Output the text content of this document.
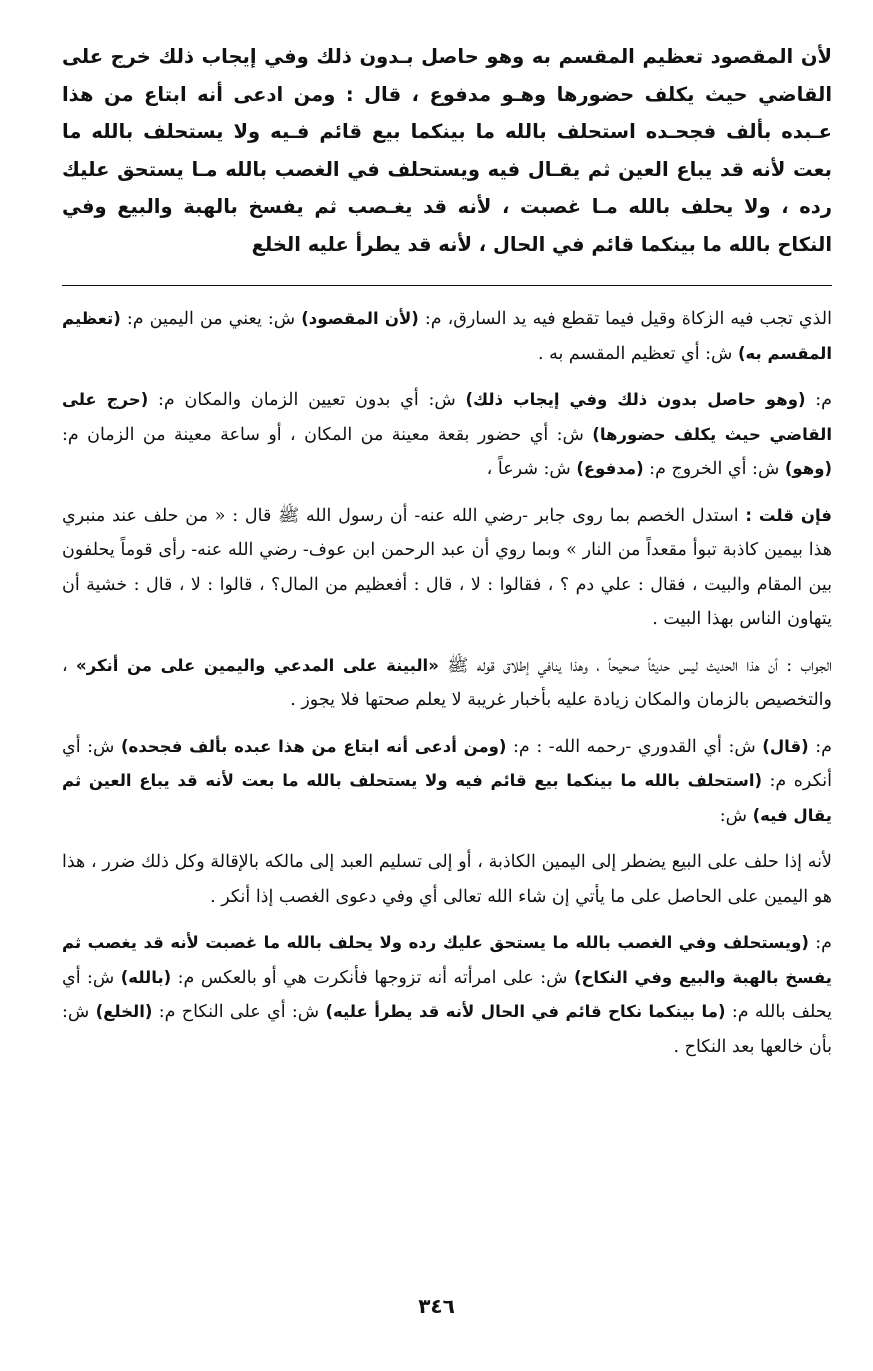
لأن المقصود تعظيم المقسم به وهو حاصل بـدون ذلك وفي إيجاب ذلك خرج على القاضي حيث يكلف حضورها وهـو مدفوع ، قال : ومن ادعى أنه ابتاع من هذا عـبده بألف فجحـده استحلف بالله ما بينكما بيع قائم فـيه ولا يستحلف بالله ما بعت لأنه قد يباع العين ثم يقـال فيه ويستحلف في الغصب بالله مـا يستحق عليك رده ، ولا يحلف بالله مـا غصبت ، لأنه قد يغـصب ثم يفسخ بالهبة والبيع وفي النكاح بالله ما بينكما قائم في الحال ، لأنه قد يطرأ عليه الخلع

الذي تجب فيه الزكاة وقيل فيما تقطع فيه يد السارق، م: (لأن المقصود) ش: يعني من اليمين م: (تعظيم المقسم به) ش: أي تعظيم المقسم به .

م: (وهو حاصل بدون ذلك وفي إيجاب ذلك) ش: أي بدون تعيين الزمان والمكان م: (حرج على القاضي حيث يكلف حضورها) ش: أي حضور بقعة معينة من المكان ، أو ساعة معينة من الزمان م: (وهو) ش: أي الخروج م: (مدفوع) ش: شرعاً ،

فإن قلت : استدل الخصم بما روى جابر -رضي الله عنه- أن رسول الله ﷺ قال : « من حلف عند منبري هذا بيمين كاذبة تبوأ مقعداً من النار » وبما روي أن عبد الرحمن ابن عوف- رضي الله عنه- رأى قوماً يحلفون بين المقام والبيت ، فقال : علي دم ؟ ، فقالوا : لا ، قال : أفعظيم من المال؟ ، قالوا : لا ، قال : خشية أن يتهاون الناس بهذا البيت .

الجواب : أن هذا الحديث ليس حديثاً صحيحاً ، وهذا ينافي إطلاق قوله ﷺ «البينة على المدعي واليمين على من أنكر» ، والتخصيص بالزمان والمكان زيادة عليه بأخبار غريبة لا يعلم صحتها فلا يجوز .

م: (قال) ش: أي القدوري -رحمه الله- : م: (ومن أدعى أنه ابتاع من هذا عبده بألف فجحده) ش: أي أنكره م: (استحلف بالله ما بينكما بيع قائم فيه ولا يستحلف بالله ما بعت لأنه قد يباع العين ثم يقال فيه) ش:

لأنه إذا حلف على البيع يضطر إلى اليمين الكاذبة ، أو إلى تسليم العبد إلى مالكه بالإقالة وكل ذلك ضرر ، هذا هو اليمين على الحاصل على ما يأتي إن شاء الله تعالى أي وفي دعوى الغصب إذا أنكر .

م: (ويستحلف وفي الغصب بالله ما يستحق عليك رده ولا يحلف بالله ما غصبت لأنه قد يغصب ثم يفسخ بالهبة والبيع وفي النكاح) ش: على امرأته أنه تزوجها فأنكرت هي أو بالعكس م: (بالله) ش: أي يحلف بالله م: (ما بينكما نكاح قائم في الحال لأنه قد يطرأ عليه) ش: أي على النكاح م: (الخلع) ش: بأن خالعها بعد النكاح .

٣٤٦
